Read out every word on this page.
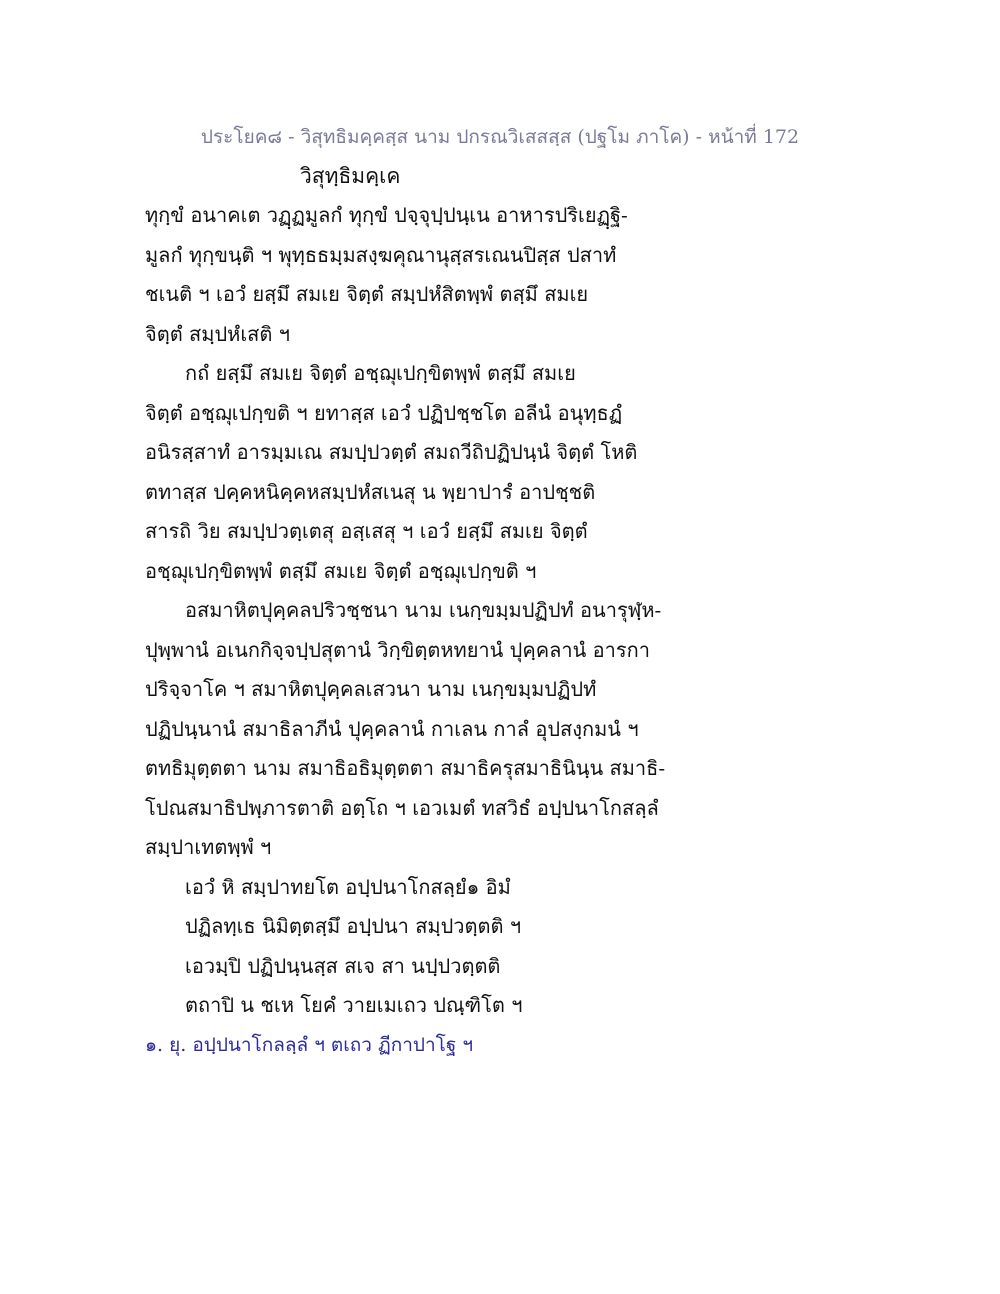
ประโยค๘ - วิสุทธิมคฺคสฺส นาม ปกรณวิเสสสฺส (ปฐโม ภาโค) - หน้าที่ 172
วิสุทฺธิมคฺเค
ทุกฺขํ อนาคเต วฏฺฏมูลกํ ทุกฺขํ ปจฺจุปฺปนฺเน อาหารปริเยฏฺฐิ-
มูลกํ ทุกฺขนฺติ ฯ พุทฺธธมฺมสงฺฆคุณานุสฺสรเณนปิสฺส ปสาทํ
ชเนติ ฯ เอวํ ยสฺมึ สมเย จิตฺตํ สมฺปหํสิตพฺพํ ตสฺมึ สมเย
จิตฺตํ สมฺปหํเสติ ฯ
กถํ ยสฺมึ สมเย จิตฺตํ อชฺฌุเปกฺขิตพฺพํ ตสฺมึ สมเย
จิตฺตํ อชฺฌุเปกฺขติ ฯ ยทาสฺส เอวํ ปฏิปชฺชโต อลีนํ อนุทฺธฏํ
อนิรสฺสาทํ อารมฺมเณ สมปฺปวตฺตํ สมถวีถิปฏิปนฺนํ จิตฺตํ โหติ
ตทาสฺส ปคฺคหนิคฺคหสมฺปหํสเนสุ น พฺยาปารํ อาปชฺชติ
สารถิ วิย สมปฺปวตฺเตสุ อสฺเสสุ ฯ เอวํ ยสฺมึ สมเย จิตฺตํ
อชฺฌุเปกฺขิตพฺพํ ตสฺมึ สมเย จิตฺตํ อชฺฌุเปกฺขติ ฯ
อสมาหิตปุคฺคลปริวชฺชนา นาม เนกฺขมฺมปฏิปทํ อนารุฬฺห-
ปุพฺพานํ อเนกกิจฺจปฺปสุตานํ วิกฺขิตฺตหทยานํ ปุคฺคลานํ อารกา
ปริจฺจาโค ฯ สมาหิตปุคฺคลเสวนา นาม เนกฺขมฺมปฏิปทํ
ปฏิปนฺนานํ สมาธิลาภีนํ ปุคฺคลานํ กาเลน กาลํ อุปสงฺกมนํ ฯ
ตทธิมุตฺตตา นาม สมาธิอธิมุตฺตตา สมาธิครุสมาธินินฺน สมาธิ-
โปณสมาธิปพฺภารตาติ อตฺโถ ฯ เอวเมตํ ทสวิธํ อปฺปนาโกสลฺลํ
สมฺปาเทตพฺพํ ฯ
เอวํ หิ สมฺปาทยโต อปฺปนาโกสลฺยํ๑ อิมํ
ปฏิลทฺเธ นิมิตฺตสฺมึ อปฺปนา สมฺปวตฺตติ ฯ
เอวมฺปิ ปฏิปนฺนสฺส สเจ สา นปฺปวตฺตติ
ตถาปิ น ชเห โยคํ วายเมเถว ปณฺฑิโต ฯ
๑. ยุ. อปฺปนาโกลลฺลํ ฯ ตเถว ฏีกาปาโฐ ฯ
